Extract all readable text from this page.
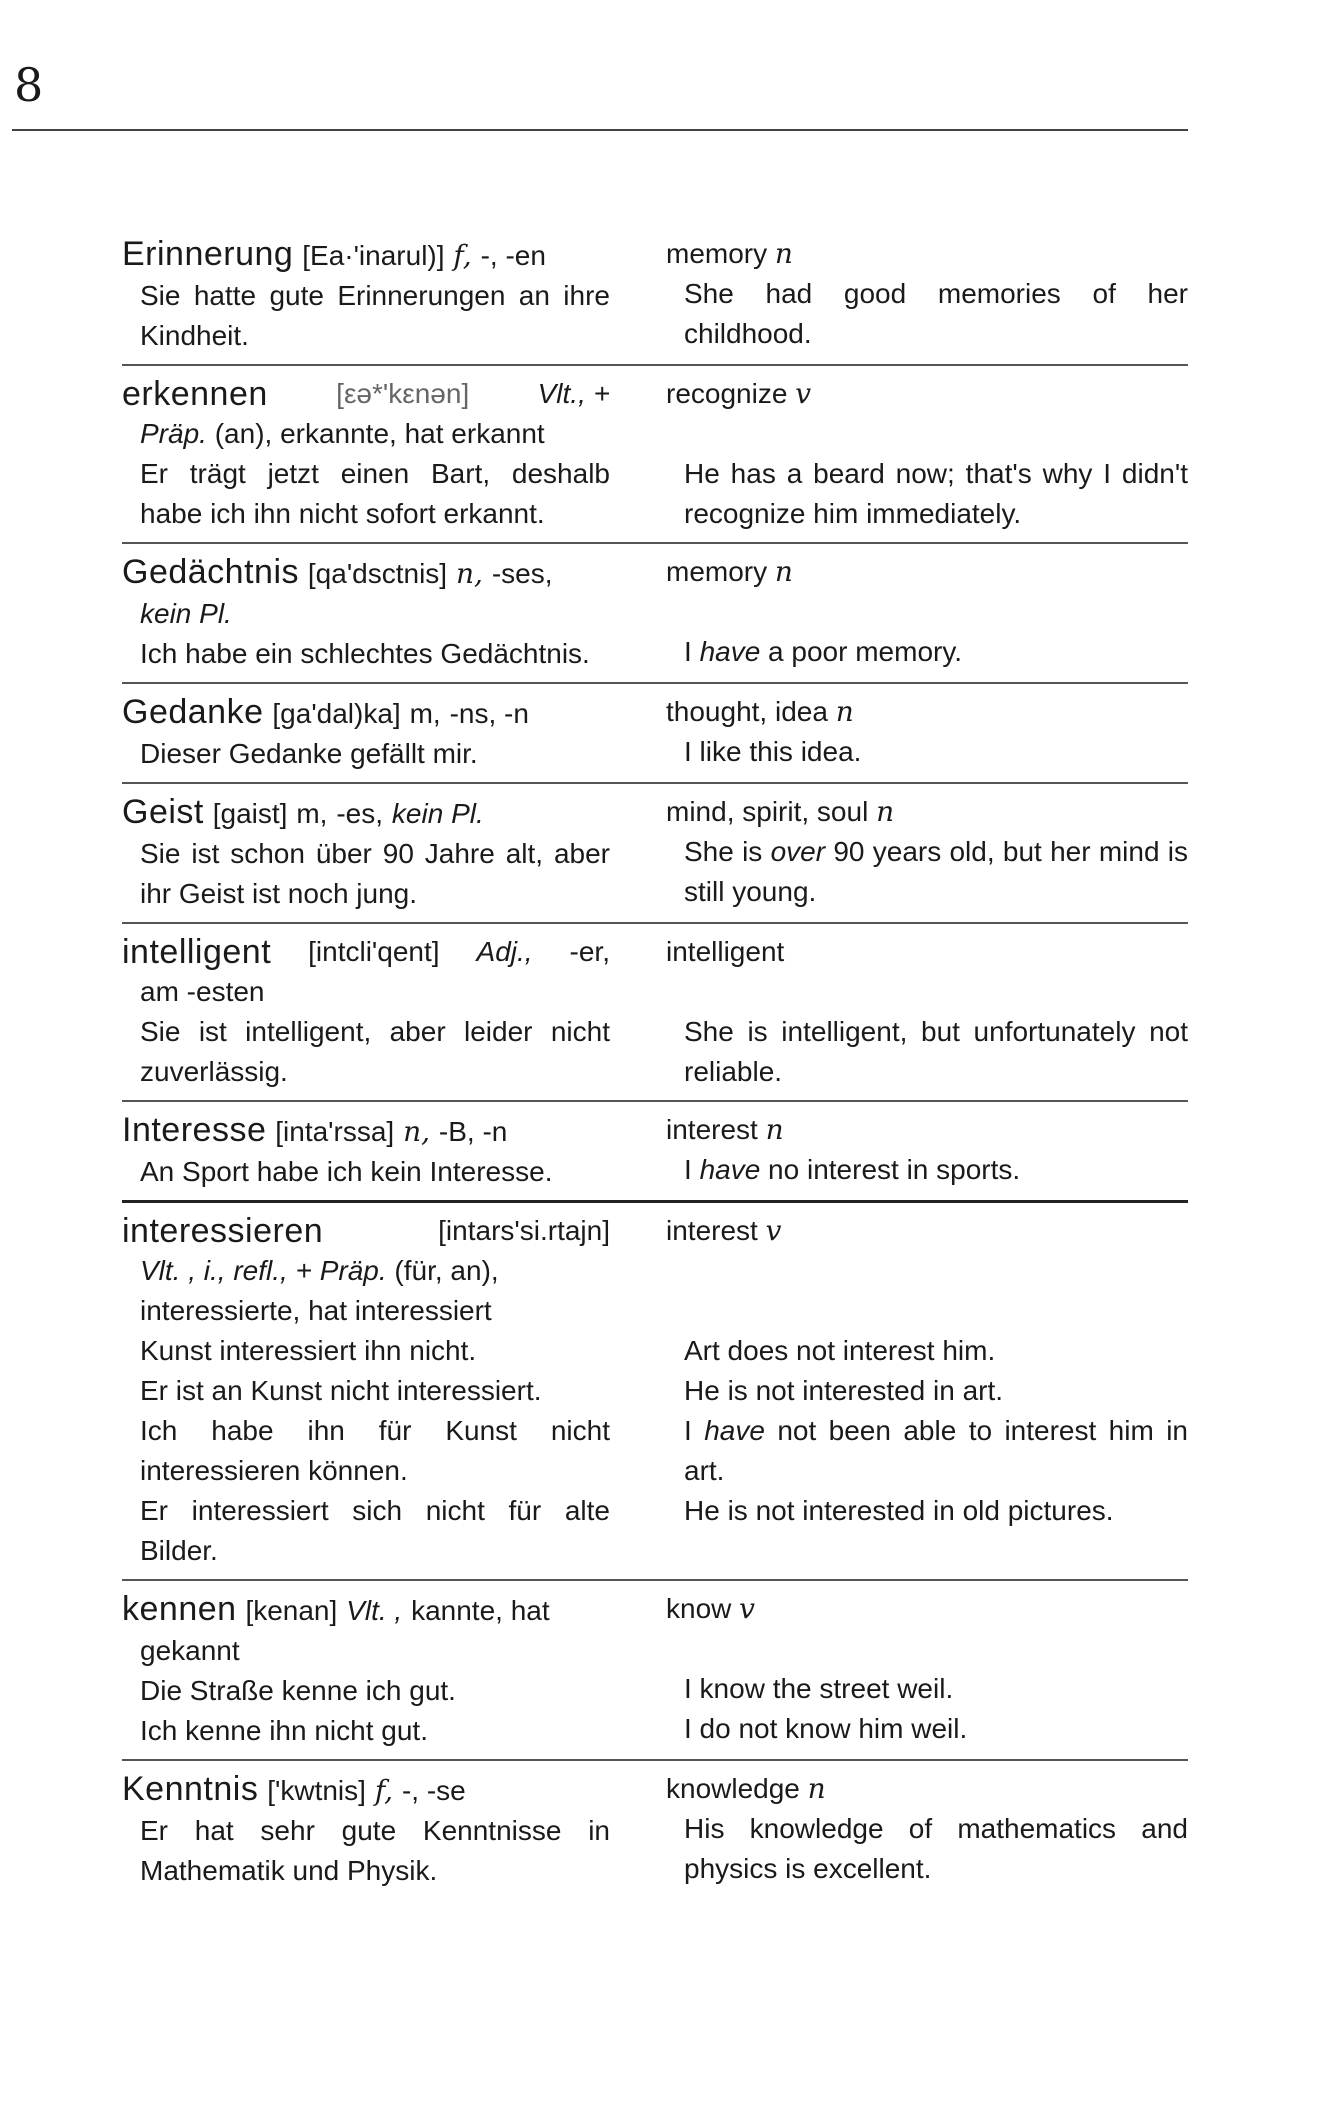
8
Erinnerung [Ea·'inarul)] f, -, -en
Sie hatte gute Erinnerungen an ihre Kindheit.
memory n
She had good memories of her childhood.
erkennen [εə*'kεnən] Vlt., +
Präp. (an), erkannte, hat erkannt
Er trägt jetzt einen Bart, deshalb habe ich ihn nicht sofort erkannt.
recognize v
He has a beard now; that's why I didn't recognize him immediately.
Gedächtnis [qa'dsctnis] n, -ses,
kein Pl.
Ich habe ein schlechtes Gedächtnis.
memory n
I have a poor memory.
Gedanke [ga'dal)ka] m, -ns, -n
Dieser Gedanke gefällt mir.
thought, idea n
I like this idea.
Geist [gaist] m, -es, kein Pl.
Sie ist schon über 90 Jahre alt, aber ihr Geist ist noch jung.
mind, spirit, soul n
She is over 90 years old, but her mind is still young.
intelligent [intcli'qent] Adj., -er,
am -esten
Sie ist intelligent, aber leider nicht zuverlässig.
intelligent
She is intelligent, but unfortunately not reliable.
Interesse [inta'rssa] n, -B, -n
An Sport habe ich kein Interesse.
interest n
I have no interest in sports.
interessieren	[intars'si.rtajn]
Vlt. , i., refl., + Präp. (für, an), interessierte, hat interessiert
Kunst interessiert ihn nicht.
Er ist an Kunst nicht interessiert.
Ich habe ihn für Kunst nicht interessieren können.
Er interessiert sich nicht für alte Bilder.
interest v
Art does not interest him.
He is not interested in art.
I have not been able to interest him in art.
He is not interested in old pictures.
kennen [kenan] Vlt. , kannte, hat
gekannt
Die Straße kenne ich gut.
Ich kenne ihn nicht gut.
know v
I know the street weil.
I do not know him weil.
Kenntnis ['kwtnis] f, -, -se
Er hat sehr gute Kenntnisse in Mathematik und Physik.
knowledge n
His knowledge of mathematics and physics is excellent.
